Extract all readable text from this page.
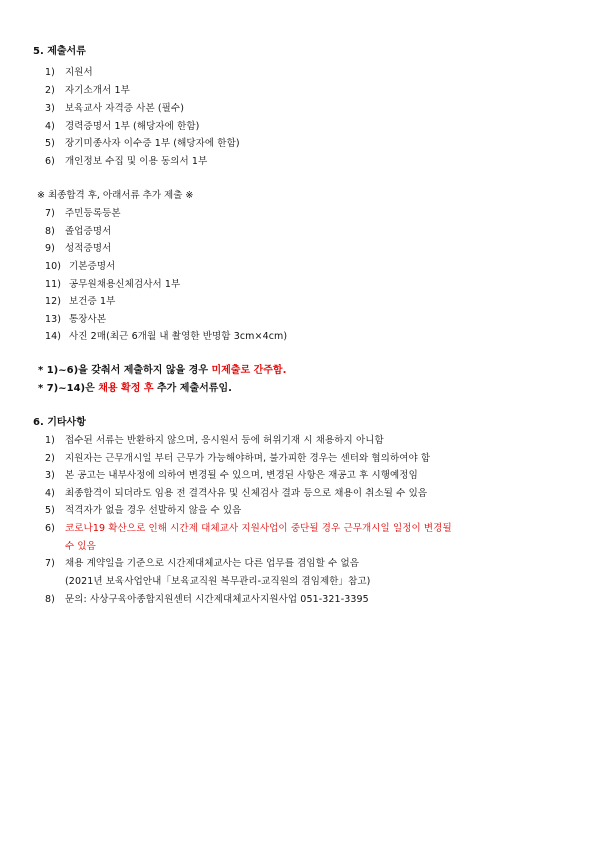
5. 제출서류
1) 지원서
2) 자기소개서 1부
3) 보육교사 자격증 사본 (필수)
4) 경력증명서 1부 (해당자에 한함)
5) 장기미종사자 이수증 1부 (해당자에 한함)
6) 개인정보 수집 및 이용 동의서 1부
※ 최종합격 후, 아래서류 추가 제출 ※
7) 주민등록등본
8) 졸업증명서
9) 성적증명서
10) 기본증명서
11) 공무원채용신체검사서 1부
12) 보건증 1부
13) 통장사본
14) 사진 2매(최근 6개월 내 촬영한 반명함 3cm×4cm)
* 1)~6)을 갖춰서 제출하지 않을 경우 미제출로 간주함.
* 7)~14)은 채용 확정 후 추가 제출서류임.
6. 기타사항
1) 접수된 서류는 반환하지 않으며, 응시원서 등에 허위기재 시 채용하지 아니함
2) 지원자는 근무개시일 부터 근무가 가능해야하며, 불가피한 경우는 센터와 협의하여야 함
3) 본 공고는 내부사정에 의하여 변경될 수 있으며, 변경된 사항은 재공고 후 시행예정임
4) 최종합격이 되더라도 임용 전 결격사유 및 신체검사 결과 등으로 채용이 취소될 수 있음
5) 적격자가 없을 경우 선발하지 않을 수 있음
6) 코로나19 확산으로 인해 시간제 대체교사 지원사업이 중단될 경우 근무개시일 일정이 변경될
수 있음
7) 채용 계약일을 기준으로 시간제대체교사는 다른 업무를 겸임할 수 없음
(2021년 보육사업안내「보육교직원 복무관리-교직원의 겸임제한」참고)
8) 문의: 사상구육아종합지원센터 시간제대체교사지원사업 051-321-3395
